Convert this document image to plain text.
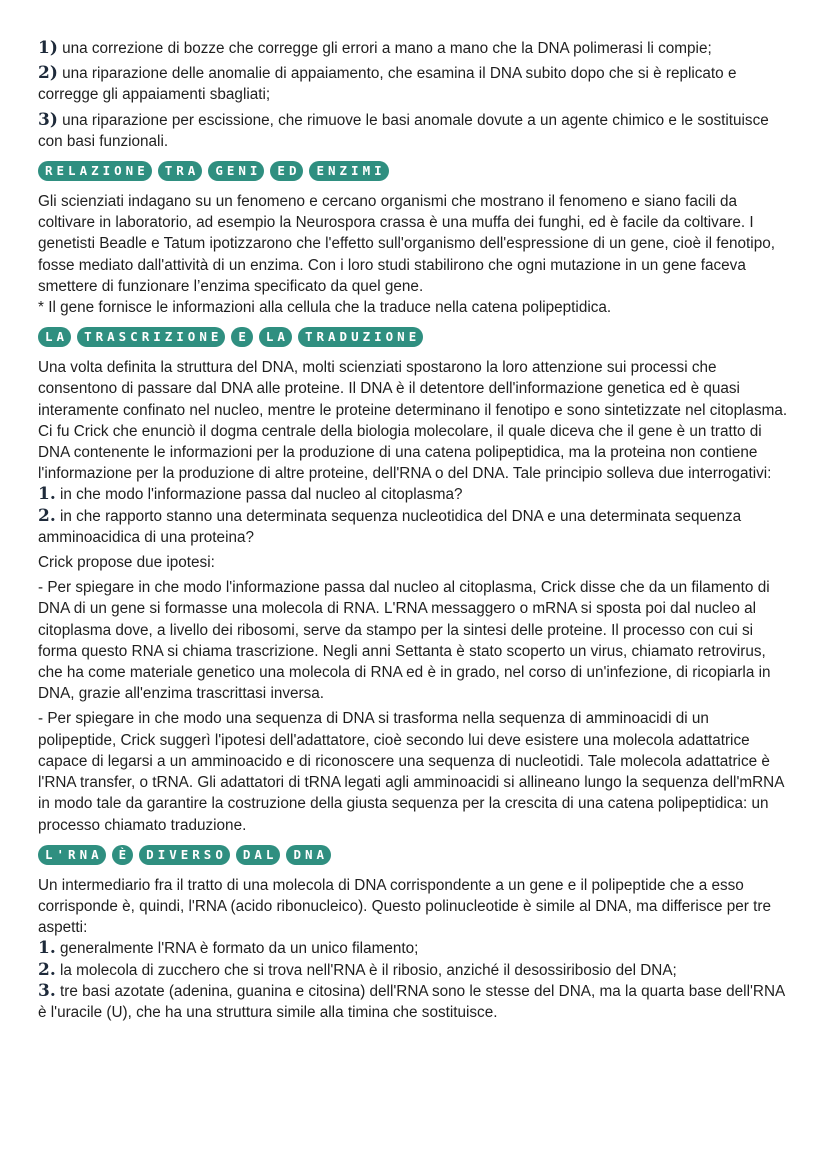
1) una correzione di bozze che corregge gli errori a mano a mano che la DNA polimerasi li compie;

2) una riparazione delle anomalie di appaiamento, che esamina il DNA subito dopo che si è replicato e corregge gli appaiamenti sbagliati;

3) una riparazione per escissione, che rimuove le basi anomale dovute a un agente chimico e le sostituisce con basi funzionali.

RELAZIONE	TRA	GENI	ED	ENZIMI

Gli scienziati indagano su un fenomeno e cercano organismi che mostrano il fenomeno e siano facili da coltivare in laboratorio, ad esempio la Neurospora crassa è una muffa dei funghi, ed è facile da coltivare. I genetisti Beadle e Tatum ipotizzarono che l'effetto sull'organismo dell'espressione di un gene, cioè il fenotipo, fosse mediato dall'attività di un enzima. Con i loro studi stabilirono che ogni mutazione in un gene faceva smettere di funzionare l’enzima specificato da quel gene.

* Il gene fornisce le informazioni alla cellula che la traduce nella catena polipeptidica.

LA	TRASCRIZIONE	E	LA	TRADUZIONE

Una volta definita la struttura del DNA, molti scienziati spostarono la loro attenzione sui processi che consentono di passare dal DNA alle proteine. Il DNA è il detentore dell'informazione genetica ed è quasi interamente confinato nel nucleo, mentre le proteine determinano il fenotipo e sono sintetizzate nel citoplasma. Ci fu Crick che enunciò il dogma centrale della biologia molecolare, il quale diceva che il gene è un tratto di DNA contenente le informazioni per la produzione di una catena polipeptidica, ma la proteina non contiene l'informazione per la produzione di altre proteine, dell'RNA o del DNA. Tale principio solleva due interrogativi:

1. in che modo l'informazione passa dal nucleo al citoplasma?

2. in che rapporto stanno una determinata sequenza nucleotidica del DNA e una determinata sequenza amminoacidica di una proteina?

Crick propose due ipotesi:

- Per spiegare in che modo l'informazione passa dal nucleo al citoplasma, Crick disse che da un filamento di DNA di un gene si formasse una molecola di RNA. L'RNA messaggero o mRNA si sposta poi dal nucleo al citoplasma dove, a livello dei ribosomi, serve da stampo per la sintesi delle proteine. Il processo con cui si forma questo RNA si chiama trascrizione. Negli anni Settanta è stato scoperto un virus, chiamato retrovirus, che ha come materiale genetico una molecola di RNA ed è in grado, nel corso di un'infezione, di ricopiarla in DNA, grazie all'enzima trascrittasi inversa.

- Per spiegare in che modo una sequenza di DNA si trasforma nella sequenza di amminoacidi di un polipeptide, Crick suggerì l'ipotesi dell'adattatore, cioè secondo lui deve esistere una molecola adattatrice capace di legarsi a un amminoacido e di riconoscere una sequenza di nucleotidi. Tale molecola adattatrice è l'RNA transfer, o tRNA. Gli adattatori di tRNA legati agli amminoacidi si allineano lungo la sequenza dell'mRNA in modo tale da garantire la costruzione della giusta sequenza per la crescita di una catena polipeptidica: un processo chiamato traduzione.

L'RNA	È	DIVERSO	DAL	DNA

Un intermediario fra il tratto di una molecola di DNA corrispondente a un gene e il polipeptide che a esso corrisponde è, quindi, l'RNA (acido ribonucleico). Questo polinucleotide è simile al DNA, ma differisce per tre aspetti:

1. generalmente l'RNA è formato da un unico filamento;

2. la molecola di zucchero che si trova nell'RNA è il ribosio, anziché il desossiribosio del DNA;

3. tre basi azotate (adenina, guanina e citosina) dell'RNA sono le stesse del DNA, ma la quarta base dell'RNA è l'uracile (U), che ha una struttura simile alla timina che sostituisce.
